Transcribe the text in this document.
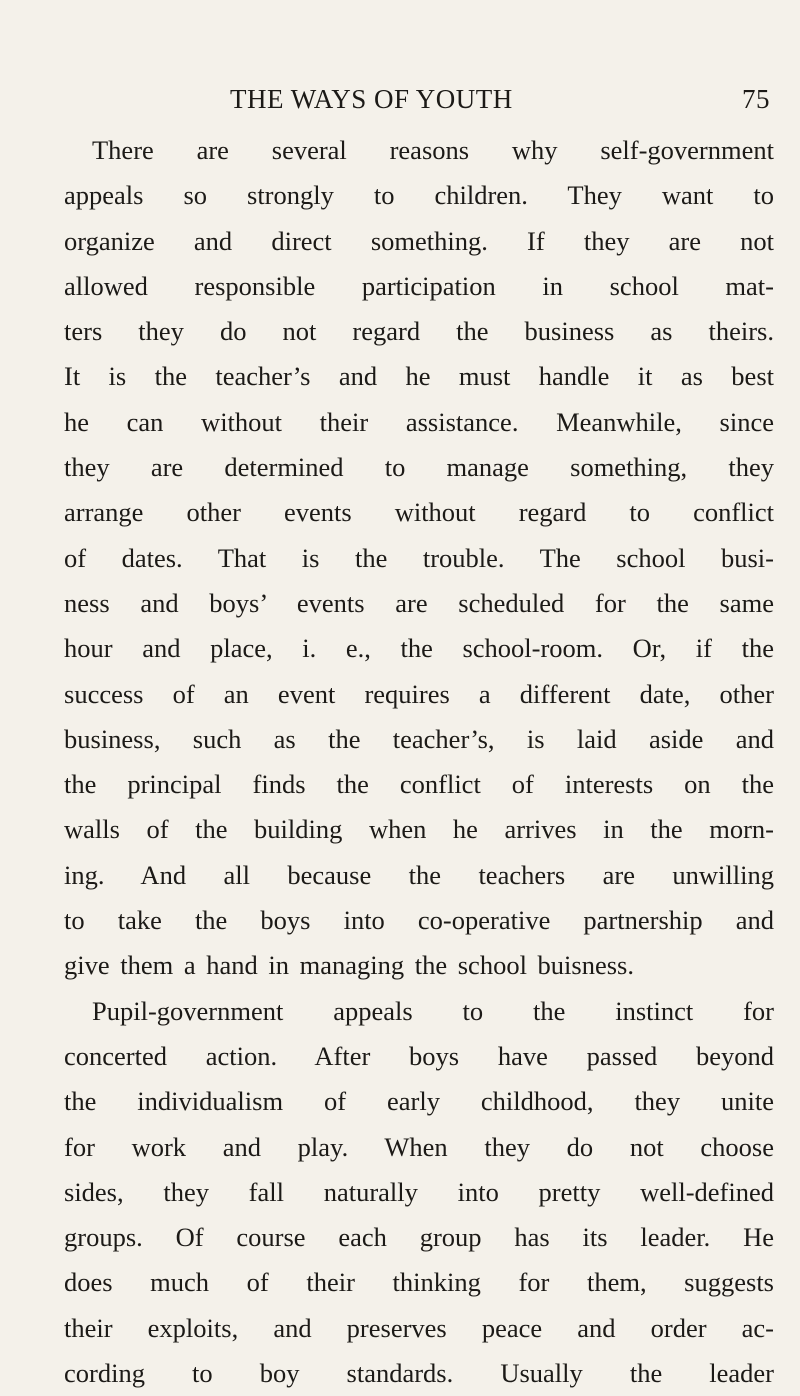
THE WAYS OF YOUTH	75
There are several reasons why self-government
appeals so strongly to children. They want to
organize and direct something. If they are not
allowed responsible participation in school mat-
ters they do not regard the business as theirs.
It is the teacher’s and he must handle it as best
he can without their assistance. Meanwhile, since
they are determined to manage something, they
arrange other events without regard to conflict
of dates. That is the trouble. The school busi-
ness and boys’ events are scheduled for the same
hour and place, i. e., the school-room. Or, if the
success of an event requires a different date, other
business, such as the teacher’s, is laid aside and
the principal finds the conflict of interests on the
walls of the building when he arrives in the morn-
ing. And all because the teachers are unwilling
to take the boys into co-operative partnership and
give them a hand in managing the school buisness.
Pupil-government appeals to the instinct for
concerted action. After boys have passed beyond
the individualism of early childhood, they unite
for work and play. When they do not choose
sides, they fall naturally into pretty well-defined
groups. Of course each group has its leader. He
does much of their thinking for them, suggests
their exploits, and preserves peace and order ac-
cording to boy standards. Usually the leader
